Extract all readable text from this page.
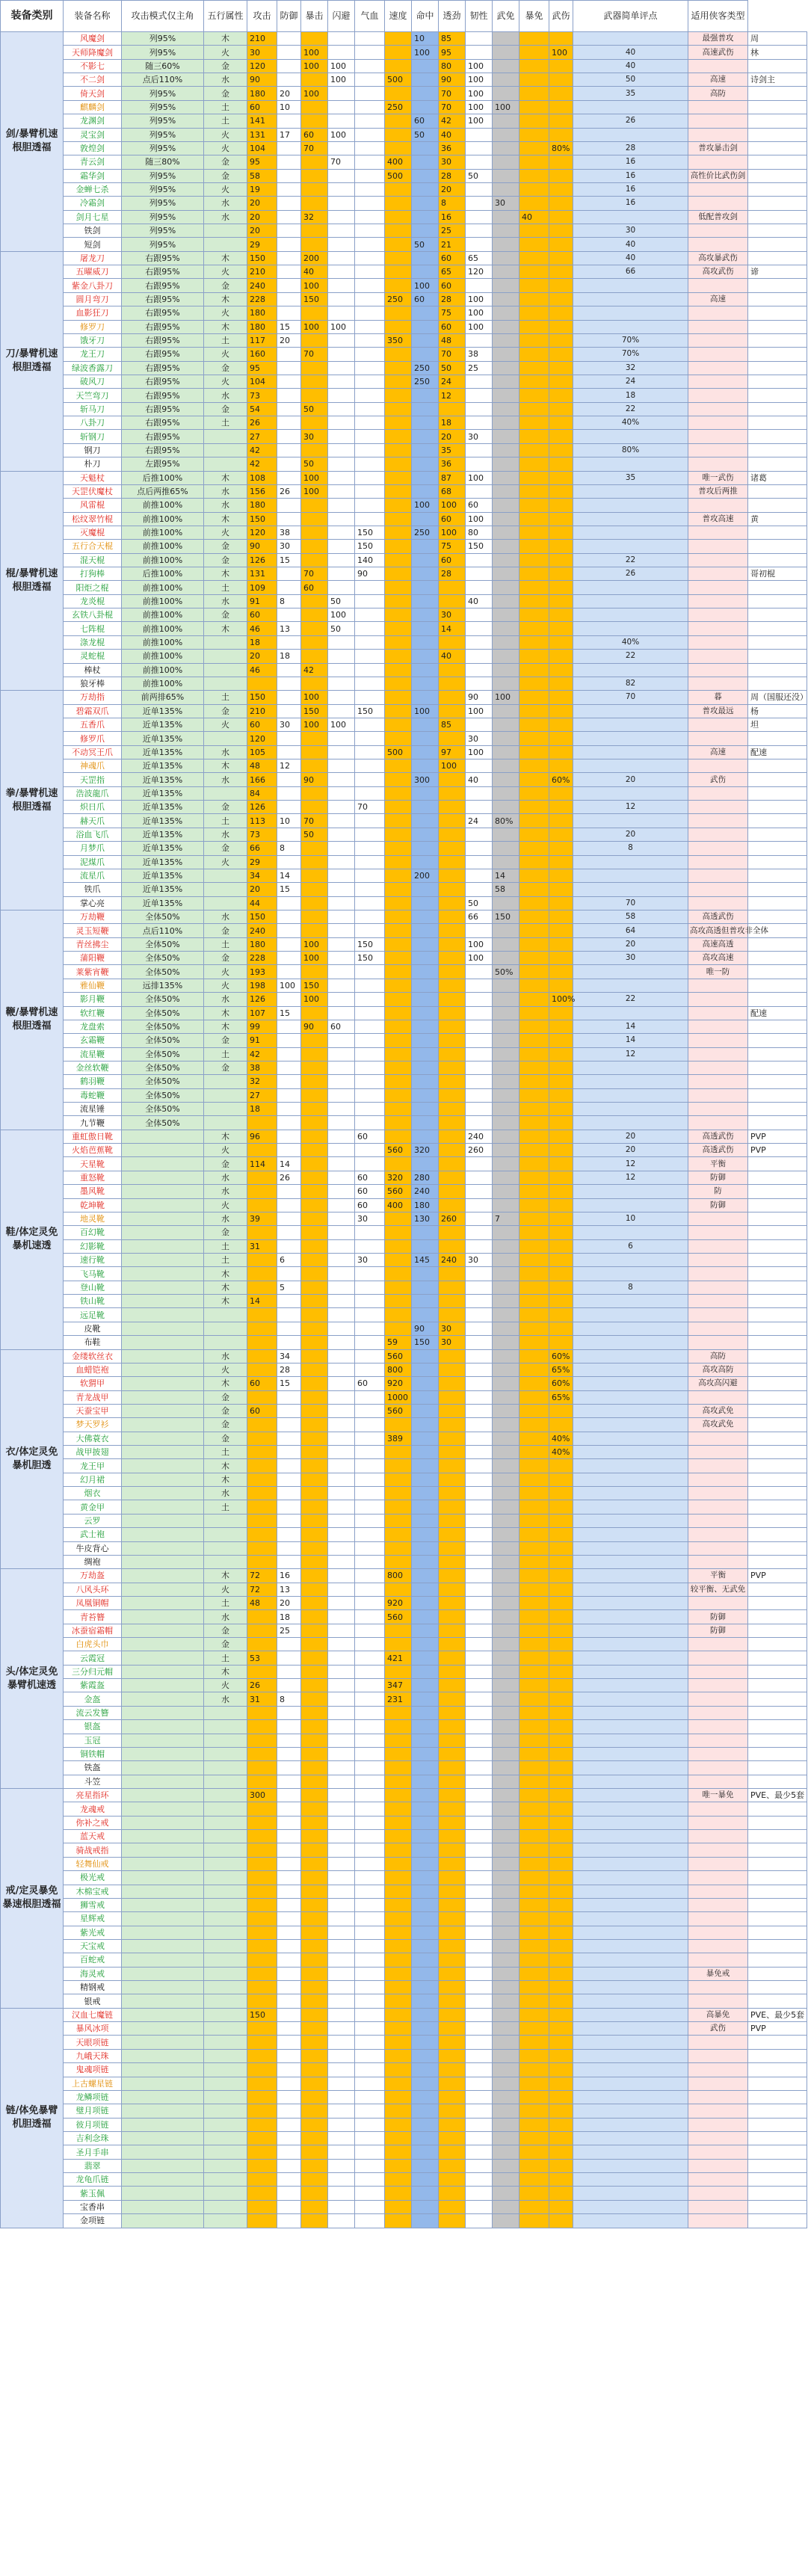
装备类别	装备名称	攻击模式仅主角	五行属性	攻击	防御	暴击	闪避	气血	速度	命中	透劲	韧性	武免	暴免	武伤	武器简单评点	适用侠客类型	
剑/暴臂机速根胆透福	风魔剑	列95%	木	210						10	85						最强普攻	周
	天师降魔剑	列95%	火	30		100				100	95				100	40	高速武伤	林
	不影七	随三60%	金	120		100	100				80	100				40		
	不二剑	点后110%	水	90			100		500		90	100				50	高速	诗剑主
	倚天剑	列95%	金	180	20	100					70	100				35	高防	
	麒麟剑	列95%	土	60	10				250		70	100	100					
	龙渊剑	列95%	土	141						60	42	100				26		
	灵宝剑	列95%	火	131	17	60	100			50	40							
	敦煌剑	列95%	火	104		70					36				80%	28	普攻暴击剑	
	青云剑	随三80%	金	95			70		400		30					16		
	霜华剑	列95%	金	58					500		28	50				16	高性价比武伤剑	
	金蝉七杀	列95%	火	19							20					16		
	冷霜剑	列95%	水	20							8		30			16		
	剑月七星	列95%	水	20		32					16			40			低配普攻剑	
	铁剑	列95%		20							25					30		
	短剑	列95%		29						50	21					40		
刀/暴臂机速根胆透福	屠龙刀	右跟95%	木	150		200					60	65				40	高攻暴武伤	
	五曜威刀	右跟95%	火	210		40					65	120				66	高攻武伤	谛
	紫金八卦刀	右跟95%	金	240		100				100	60							
	圆月弯刀	右跟95%	木	228		150			250	60	28	100					高速	
	血影狂刀	右跟95%	火	180							75	100						
	修罗刀	右跟95%	木	180	15	100	100				60	100						
	饿牙刀	右跟95%	土	117	20				350		48					70%		
	龙王刀	右跟95%	火	160		70					70	38				70%		
	绿波香露刀	右跟95%	金	95						250	50	25				32		
	破风刀	右跟95%	火	104						250	24					24		
	天竺弯刀	右跟95%	水	73							12					18		
	斩马刀	右跟95%	金	54		50										22		
	八卦刀	右跟95%	土	26							18					40%		
	斩钢刀	右跟95%		27		30					20	30						
	钢刀	右跟95%		42							35					80%		
	朴刀	左跟95%		42		50					36							
棍/暴臂机速根胆透福	天魁杖	后推100%	木	108		100					87	100				35	唯一武伤	诸葛
	天罡伏魔杖	点后两推65%	水	156	26	100					68						普攻后两推	
	风雷棍	前推100%	水	180						100	100	60						
	松纹翠竹棍	前推100%	木	150							60	100					普攻高速	黄
	灭魔棍	前推100%	火	120	38			150		250	100	80						
	五行合天棍	前推100%	金	90	30			150			75	150						
	混天棍	前推100%	金	126	15			140			60					22		
	打狗棒	后推100%	木	131		70		90			28					26		哥初棍
	阳炬之棍	前推100%	土	109		60												
	龙炎棍	前推100%	水	91	8		50					40						
	玄铁八卦棍	前推100%	金	60			100				30							
	七阵棍	前推100%	木	46	13		50				14							
	涤龙棍	前推100%		18												40%		
	灵蛇棍	前推100%		20	18						40					22		
	棒杖	前推100%		46		42												
	狼牙棒	前推100%														82		
拳/暴臂机速根胆透福	万劫指	前两排65%	土	150		100						90	100			70	暮	周（国服还没）
	碧霜双爪	近单135%	金	210		150		150		100		100					普攻最远	杨
	五香爪	近单135%	火	60	30	100	100				85							坦
	修罗爪	近单135%		120								30						
	不动冥王爪	近单135%	水	105					500		97	100					高速	配速
	神魂爪	近单135%	木	48	12						100							
	天罡指	近单135%	水	166		90				300		40			60%	20	武伤	
	浩波龍爪	近单135%		84														
	炽日爪	近单135%	金	126				70								12		
	赫天爪	近单135%	土	113	10	70						24	80%					
	浴血飞爪	近单135%	水	73		50										20		
	月梦爪	近单135%	金	66	8											8		
	泥煤爪	近单135%	火	29														
	流星爪	近单135%		34	14					200			14					
	铁爪	近单135%		20	15								58					
	掌心亮	近单135%		44								50				70		
鞭/暴臂机速根胆透福	万劫鞭	全体50%	水	150								66	150			58	高透武伤	
	灵玉短鞭	点后110%	金	240												64	高攻高透但普攻非全体	
	青丝拂尘	全体50%	土	180		100		150				100				20	高速高透	
	蒲阳鞭	全体50%	金	228		100		150				100				30	高攻高速	
	莱紫宵鞭	全体50%	火	193									50%				唯一防	
	雅仙鞭	远排135%	火	198	100	150												
	影月鞭	全体50%	水	126		100									100%	22		
	软红鞭	全体50%	木	107	15													配速
	龙盘索	全体50%	木	99		90	60									14		
	玄霜鞭	全体50%	金	91												14		
	流星鞭	全体50%	土	42												12		
	金丝软鞭	全体50%	金	38														
	鹤羽鞭	全体50%		32														
	毒蛇鞭	全体50%		27														
	流星锤	全体50%		18														
	九节鞭	全体50%																
鞋/体定灵免暴机速透	重虹傲日靴		木	96				60				240				20	高透武伤	PVP
	火焰芭蕉靴		火						560	320		260				20	高透武伤	PVP
	天星靴		金	114	14											12	平衡	
	重怒靴		水		26			60	320	280						12	防御	
	墨风靴		水					60	560	240							防	
	乾坤靴		火					60	400	180							防御	
	地灵靴		水	39				30		130	260		7			10		
	百幻靴		金															
	幻影靴		土	31												6		
	速行靴		土		6			30		145	240	30						
	飞马靴		木															
	登山靴		木		5											8		
	铁山靴		木	14														
	远足靴																	
	皮靴									90	30							
	布鞋								59	150	30							
衣/体定灵免暴机胆透	金缕软丝衣		水		34				560						60%		高防	
	血蜡铠袍		火		28				800						65%		高攻高防	
	软猬甲		木	60	15			60	920						60%		高攻高闪避	
	青龙战甲		金						1000						65%			
	天蚕宝甲		金	60					560								高攻武免	
	梦天罗衫		金														高攻武免	
	大佛蓑衣		金						389						40%			
	战甲披翅		土												40%			
	龙王甲		木															
	幻月裙		木															
	烟衣		水															
	黄金甲		土															
	云罗																	
	武士袍																	
	牛皮背心																	
	绸袍																	
头/体定灵免暴臂机速透	万劫盔		木	72	16				800								平衡	PVP
	八风头环		火	72	13												较平衡、无武免	
	凤凰铜帽		土	48	20				920									
	青苔簪		水		18				560								防御	
	冰蚕宿霜帽		金		25												防御	
	白虎头巾		金															
	云霞冠		土	53					421									
	三分归元帽		木															
	紫霞盔		火	26					347									
	金盔		水	31	8				231									
	流云发簪																	
	银盔																	
	玉冠																	
	铜铁帽																	
	铁盔																	
	斗笠																	
戒/定灵暴免暴速根胆透福	亮星指环			300													唯一暴免	PVE、最少5套
	龙魂戒																	
	你补之戒																	
	蓝天戒																	
	骑战戒指																	
	轻舞仙戒																	
	极光戒																	
	木棉宝戒																	
	狮雪戒																	
	星辉戒																	
	紫光戒																	
	天宝戒																	
	百蛇戒																	
	海灵戒																暴免戒	
	精钢戒																	
	银戒																	
链/体免暴臂机胆透福	汉血七魔链			150													高暴免	PVE、最少5套
	暴风冰项																武伤	PVP
	天眼项链																	
	九峨天珠																	
	鬼魂项链																	
	上古螺星链																	
	龙鳞项链																	
	璧月项链																	
	彼月项链																	
	吉利念珠																	
	圣月手串																	
	翡翠																	
	龙龟爪链																	
	紫玉佩																	
	宝香串																	
	金项链																	
